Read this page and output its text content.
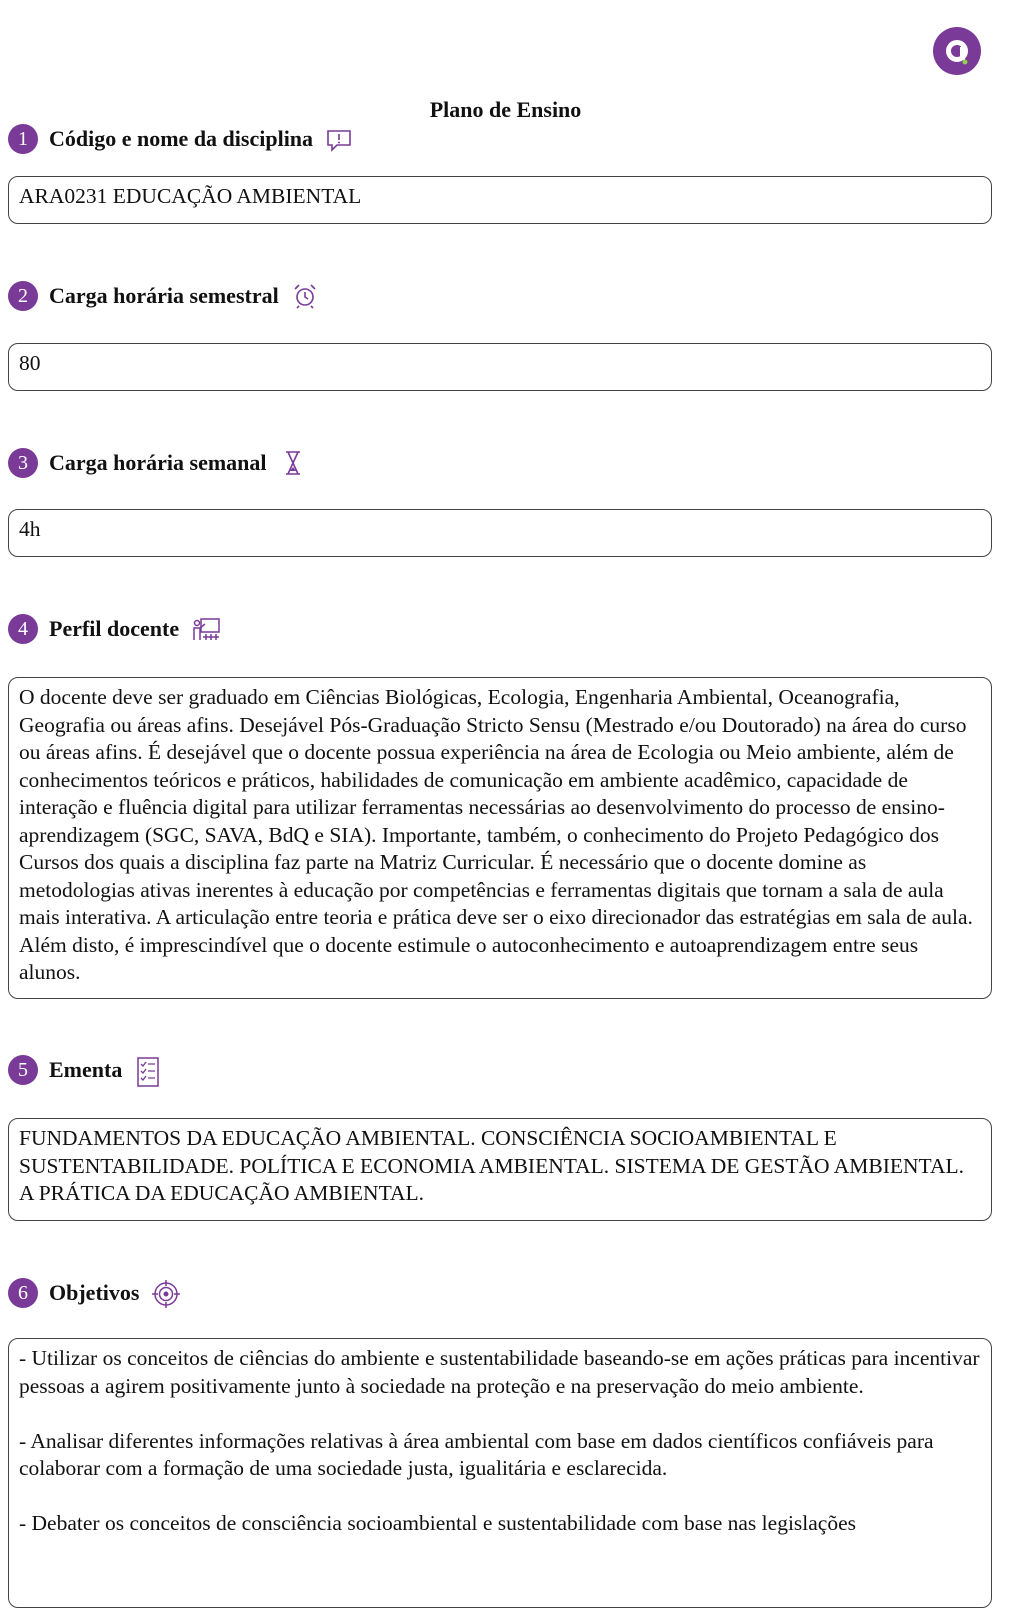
Plano de Ensino
1 Código e nome da disciplina
ARA0231 EDUCAÇÃO AMBIENTAL
2 Carga horária semestral
80
3 Carga horária semanal
4h
4 Perfil docente
O docente deve ser graduado em Ciências Biológicas, Ecologia, Engenharia Ambiental, Oceanografia, Geografia ou áreas afins. Desejável Pós-Graduação Stricto Sensu (Mestrado e/ou Doutorado) na área do curso ou áreas afins. É desejável que o docente possua experiência na área de Ecologia ou Meio ambiente, além de conhecimentos teóricos e práticos, habilidades de comunicação em ambiente acadêmico, capacidade de interação e fluência digital para utilizar ferramentas necessárias ao desenvolvimento do processo de ensino-aprendizagem (SGC, SAVA, BdQ e SIA). Importante, também, o conhecimento do Projeto Pedagógico dos Cursos dos quais a disciplina faz parte na Matriz Curricular. É necessário que o docente domine as metodologias ativas inerentes à educação por competências e ferramentas digitais que tornam a sala de aula mais interativa. A articulação entre teoria e prática deve ser o eixo direcionador das estratégias em sala de aula. Além disto, é imprescindível que o docente estimule o autoconhecimento e autoaprendizagem entre seus alunos.
5 Ementa
FUNDAMENTOS DA EDUCAÇÃO AMBIENTAL. CONSCIÊNCIA SOCIOAMBIENTAL E SUSTENTABILIDADE. POLÍTICA E ECONOMIA AMBIENTAL. SISTEMA DE GESTÃO AMBIENTAL. A PRÁTICA DA EDUCAÇÃO AMBIENTAL.
6 Objetivos

- Utilizar os conceitos de ciências do ambiente e sustentabilidade baseando-se em ações práticas para incentivar pessoas a agirem positivamente junto à sociedade na proteção e na preservação do meio ambiente.

- Analisar diferentes informações relativas à área ambiental com base em dados científicos confiáveis para colaborar com a formação de uma sociedade justa, igualitária e esclarecida.

- Debater os conceitos de consciência socioambiental e sustentabilidade com base nas legislações
